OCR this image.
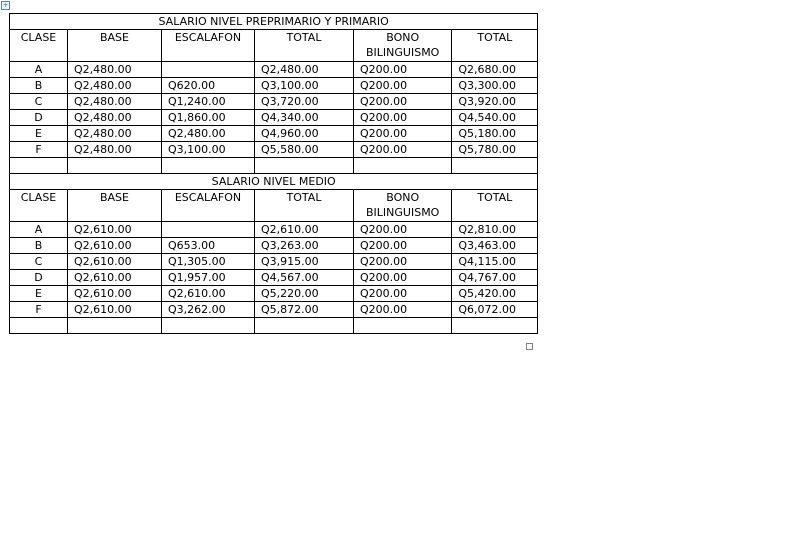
+
SALARIO NIVEL PREPRIMARIO Y PRIMARIO					
CLASE	BASE	ESCALAFON	TOTAL	BONO BILINGUISMO	TOTAL
A	Q2,480.00		Q2,480.00	Q200.00	Q2,680.00
B	Q2,480.00	Q620.00	Q3,100.00	Q200.00	Q3,300.00
C	Q2,480.00	Q1,240.00	Q3,720.00	Q200.00	Q3,920.00
D	Q2,480.00	Q1,860.00	Q4,340.00	Q200.00	Q4,540.00
E	Q2,480.00	Q2,480.00	Q4,960.00	Q200.00	Q5,180.00
F	Q2,480.00	Q3,100.00	Q5,580.00	Q200.00	Q5,780.00

SALARIO NIVEL MEDIO					
CLASE	BASE	ESCALAFON	TOTAL	BONO BILINGUISMO	TOTAL
A	Q2,610.00		Q2,610.00	Q200.00	Q2,810.00
B	Q2,610.00	Q653.00	Q3,263.00	Q200.00	Q3,463.00
C	Q2,610.00	Q1,305.00	Q3,915.00	Q200.00	Q4,115.00
D	Q2,610.00	Q1,957.00	Q4,567.00	Q200.00	Q4,767.00
E	Q2,610.00	Q2,610.00	Q5,220.00	Q200.00	Q5,420.00
F	Q2,610.00	Q3,262.00	Q5,872.00	Q200.00	Q6,072.00
